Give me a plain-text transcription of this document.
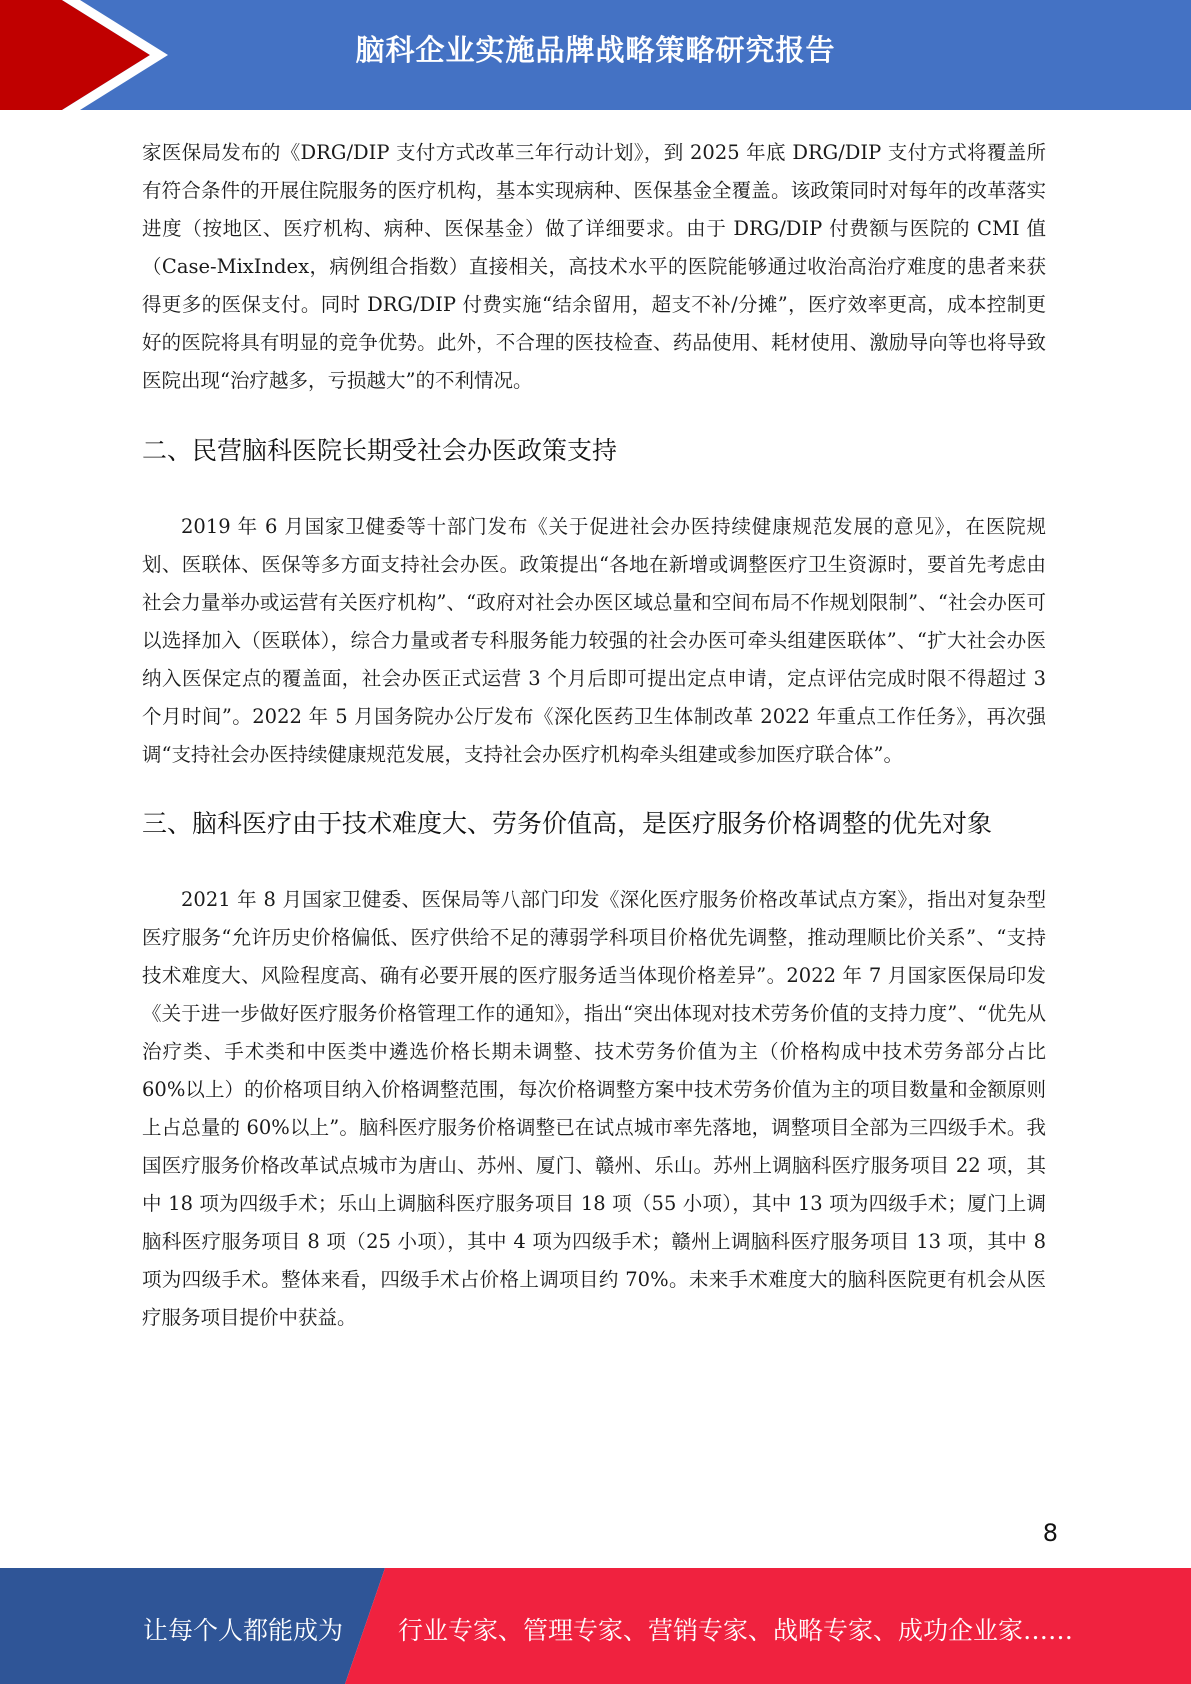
脑科企业实施品牌战略策略研究报告

家医保局发布的《DRG/DIP 支付方式改革三年行动计划》，到 2025 年底 DRG/DIP 支付方式将覆盖所有符合条件的开展住院服务的医疗机构，基本实现病种、医保基金全覆盖。该政策同时对每年的改革落实进度（按地区、医疗机构、病种、医保基金）做了详细要求。由于 DRG/DIP 付费额与医院的 CMI 值（Case-MixIndex，病例组合指数）直接相关，高技术水平的医院能够通过收治高治疗难度的患者来获得更多的医保支付。同时 DRG/DIP 付费实施“结余留用，超支不补/分摊”，医疗效率更高，成本控制更好的医院将具有明显的竞争优势。此外，不合理的医技检查、药品使用、耗材使用、激励导向等也将导致医院出现“治疗越多，亏损越大”的不利情况。

二、民营脑科医院长期受社会办医政策支持

2019 年 6 月国家卫健委等十部门发布《关于促进社会办医持续健康规范发展的意见》，在医院规划、医联体、医保等多方面支持社会办医。政策提出“各地在新增或调整医疗卫生资源时，要首先考虑由社会力量举办或运营有关医疗机构”、“政府对社会办医区域总量和空间布局不作规划限制”、“社会办医可以选择加入（医联体），综合力量或者专科服务能力较强的社会办医可牵头组建医联体”、“扩大社会办医纳入医保定点的覆盖面，社会办医正式运营 3 个月后即可提出定点申请，定点评估完成时限不得超过 3 个月时间”。2022 年 5 月国务院办公厅发布《深化医药卫生体制改革 2022 年重点工作任务》，再次强调“支持社会办医持续健康规范发展，支持社会办医疗机构牵头组建或参加医疗联合体”。

三、脑科医疗由于技术难度大、劳务价值高，是医疗服务价格调整的优先对象

2021 年 8 月国家卫健委、医保局等八部门印发《深化医疗服务价格改革试点方案》，指出对复杂型医疗服务“允许历史价格偏低、医疗供给不足的薄弱学科项目价格优先调整，推动理顺比价关系”、“支持技术难度大、风险程度高、确有必要开展的医疗服务适当体现价格差异”。2022 年 7 月国家医保局印发《关于进一步做好医疗服务价格管理工作的通知》，指出“突出体现对技术劳务价值的支持力度”、“优先从治疗类、手术类和中医类中遴选价格长期未调整、技术劳务价值为主（价格构成中技术劳务部分占比 60%以上）的价格项目纳入价格调整范围，每次价格调整方案中技术劳务价值为主的项目数量和金额原则上占总量的 60%以上”。脑科医疗服务价格调整已在试点城市率先落地，调整项目全部为三四级手术。我国医疗服务价格改革试点城市为唐山、苏州、厦门、赣州、乐山。苏州上调脑科医疗服务项目 22 项，其中 18 项为四级手术；乐山上调脑科医疗服务项目 18 项（55 小项），其中 13 项为四级手术；厦门上调脑科医疗服务项目 8 项（25 小项），其中 4 项为四级手术；赣州上调脑科医疗服务项目 13 项，其中 8 项为四级手术。整体来看，四级手术占价格上调项目约 70%。未来手术难度大的脑科医院更有机会从医疗服务项目提价中获益。

8
让每个人都能成为 行业专家、管理专家、营销专家、战略专家、成功企业家……
